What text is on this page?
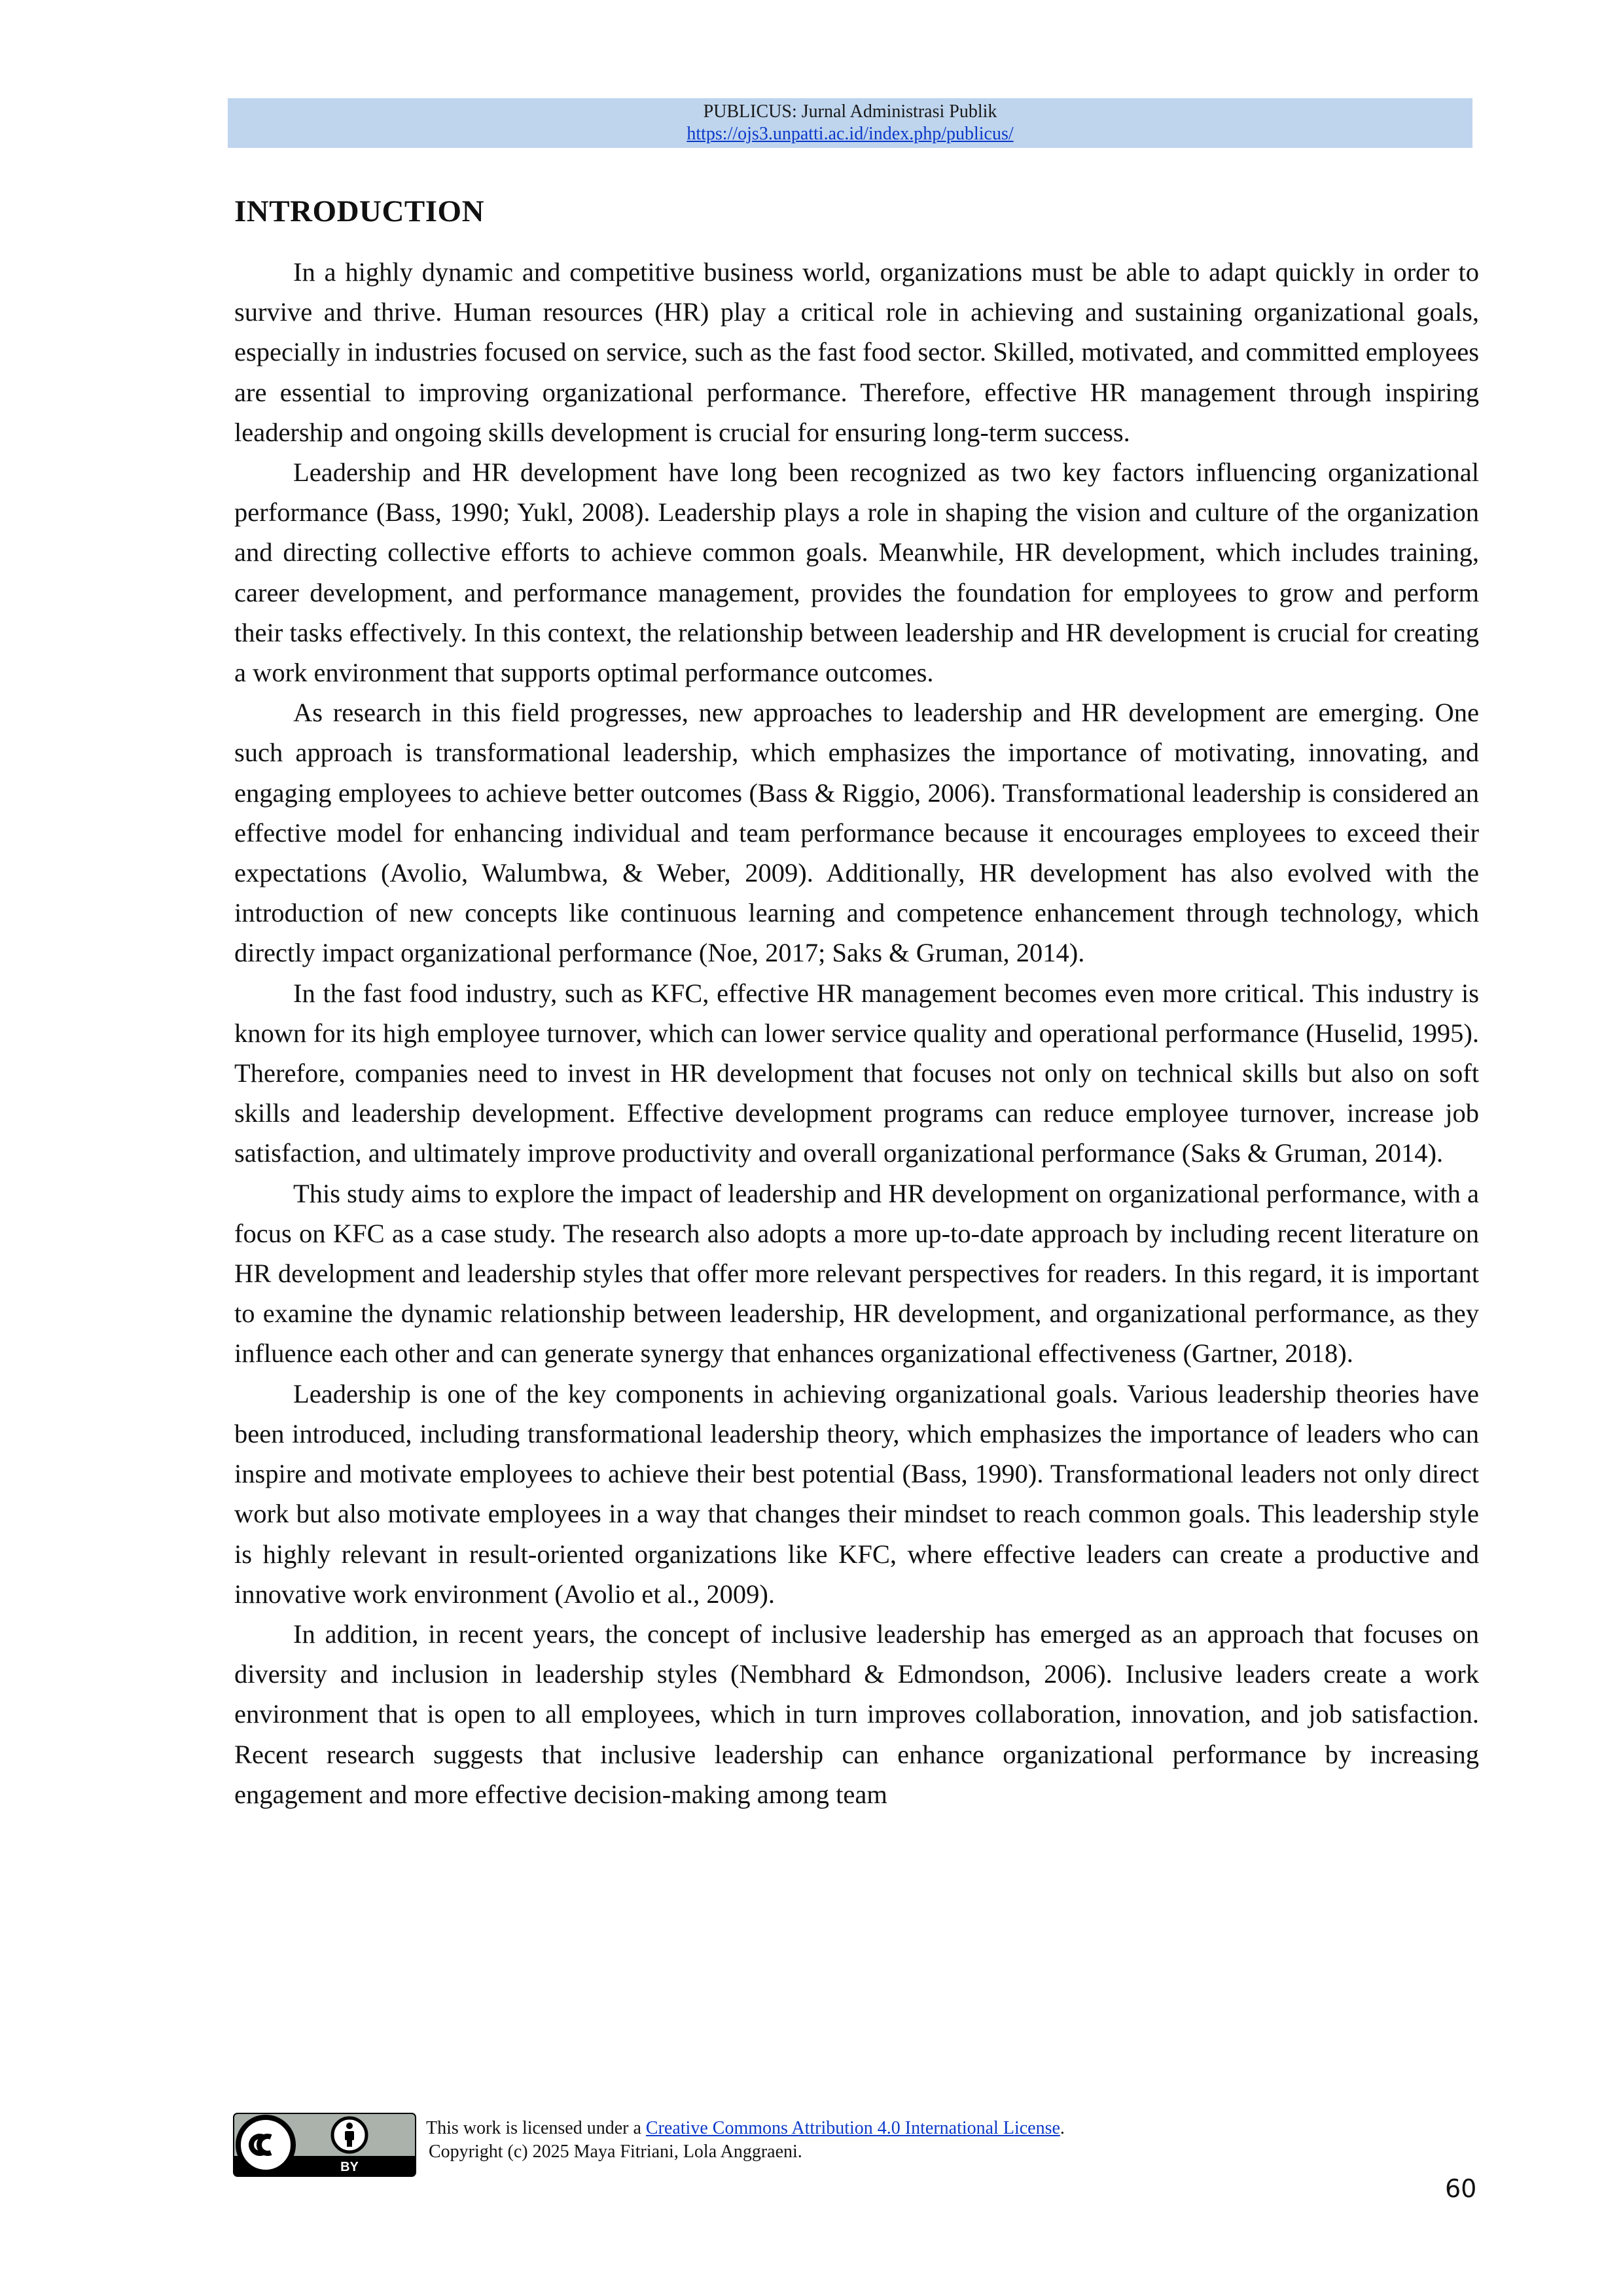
PUBLICUS: Jurnal Administrasi Publik
https://ojs3.unpatti.ac.id/index.php/publicus/
INTRODUCTION

In a highly dynamic and competitive business world, organizations must be able to adapt quickly in order to survive and thrive. Human resources (HR) play a critical role in achieving and sustaining organizational goals, especially in industries focused on service, such as the fast food sector. Skilled, motivated, and committed employees are essential to improving organizational performance. Therefore, effective HR management through inspiring leadership and ongoing skills development is crucial for ensuring long-term success.

Leadership and HR development have long been recognized as two key factors influencing organizational performance (Bass, 1990; Yukl, 2008). Leadership plays a role in shaping the vision and culture of the organization and directing collective efforts to achieve common goals. Meanwhile, HR development, which includes training, career development, and performance management, provides the foundation for employees to grow and perform their tasks effectively. In this context, the relationship between leadership and HR development is crucial for creating a work environment that supports optimal performance outcomes.

As research in this field progresses, new approaches to leadership and HR development are emerging. One such approach is transformational leadership, which emphasizes the importance of motivating, innovating, and engaging employees to achieve better outcomes (Bass & Riggio, 2006). Transformational leadership is considered an effective model for enhancing individual and team performance because it encourages employees to exceed their expectations (Avolio, Walumbwa, & Weber, 2009). Additionally, HR development has also evolved with the introduction of new concepts like continuous learning and competence enhancement through technology, which directly impact organizational performance (Noe, 2017; Saks & Gruman, 2014).

In the fast food industry, such as KFC, effective HR management becomes even more critical. This industry is known for its high employee turnover, which can lower service quality and operational performance (Huselid, 1995). Therefore, companies need to invest in HR development that focuses not only on technical skills but also on soft skills and leadership development. Effective development programs can reduce employee turnover, increase job satisfaction, and ultimately improve productivity and overall organizational performance (Saks & Gruman, 2014).

This study aims to explore the impact of leadership and HR development on organizational performance, with a focus on KFC as a case study. The research also adopts a more up-to-date approach by including recent literature on HR development and leadership styles that offer more relevant perspectives for readers. In this regard, it is important to examine the dynamic relationship between leadership, HR development, and organizational performance, as they influence each other and can generate synergy that enhances organizational effectiveness (Gartner, 2018).

Leadership is one of the key components in achieving organizational goals. Various leadership theories have been introduced, including transformational leadership theory, which emphasizes the importance of leaders who can inspire and motivate employees to achieve their best potential (Bass, 1990). Transformational leaders not only direct work but also motivate employees in a way that changes their mindset to reach common goals. This leadership style is highly relevant in result-oriented organizations like KFC, where effective leaders can create a productive and innovative work environment (Avolio et al., 2009).

In addition, in recent years, the concept of inclusive leadership has emerged as an approach that focuses on diversity and inclusion in leadership styles (Nembhard & Edmondson, 2006). Inclusive leaders create a work environment that is open to all employees, which in turn improves collaboration, innovation, and job satisfaction. Recent research suggests that inclusive leadership can enhance organizational performance by increasing engagement and more effective decision-making among team

BY
This work is licensed under a Creative Commons Attribution 4.0 International License.
Copyright (c) 2025 Maya Fitriani, Lola Anggraeni.
60
